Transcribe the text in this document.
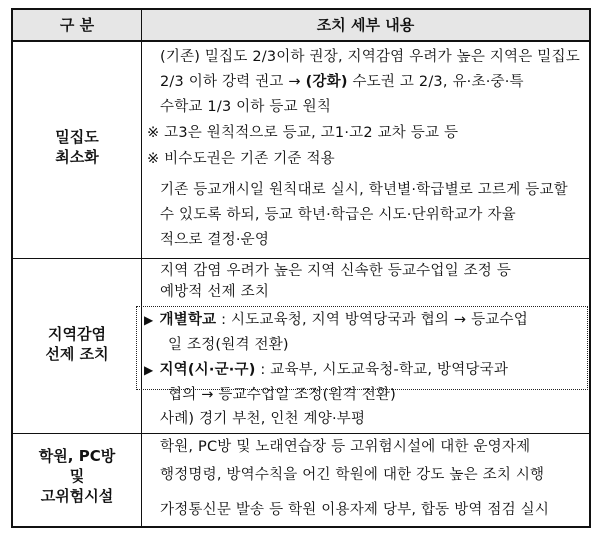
구 분	조치 세부 내용
밀집도
최소화
(기존) 밀집도 2/3이하 권장, 지역감염 우려가 높은 지역은 밀집도
2/3 이하 강력 권고 → (강화) 수도권 고 2/3, 유·초·중·특
수학교 1/3 이하 등교 원칙
※ 고3은 원칙적으로 등교, 고1·고2 교차 등교 등
※ 비수도권은 기존 기준 적용
기존 등교개시일 원칙대로 실시, 학년별·학급별로 고르게 등교할
수 있도록 하되, 등교 학년·학급은 시도·단위학교가 자율
적으로 결정·운영
지역감염
선제 조치
지역 감염 우려가 높은 지역 신속한 등교수업일 조정 등
예방적 선제 조치
▶ 개별학교 : 시도교육청, 지역 방역당국과 협의 → 등교수업
일 조정(원격 전환)
▶ 지역(시·군·구) : 교육부, 시도교육청-학교, 방역당국과
협의 → 등교수업일 조정(원격 전환)
사례) 경기 부천, 인천 계양·부평
학원, PC방
및
고위험시설
학원, PC방 및 노래연습장 등 고위험시설에 대한 운영자제
행정명령, 방역수칙을 어긴 학원에 대한 강도 높은 조치 시행
가정통신문 발송 등 학원 이용자제 당부, 합동 방역 점검 실시
